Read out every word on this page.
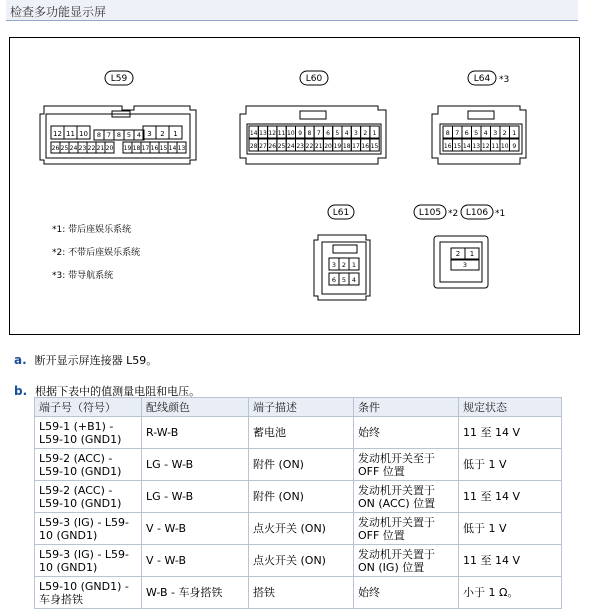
检查多功能显示屏
L59
12 11 10 8 7 8 5 4 3 2 1
26 25 24 23 22 21 20 19 18 17 16 15 14 13
L60
14 13 12 11 10 9 8 7 6 5 4 3 2 1
28 27 26 25 24 23 22 21 20 19 18 17 16 15
L64 *3
8 7 6 5 4 3 2 1
16 15 14 13 12 11 10 9
L61
3 2 1
6 5 4
L105 *2 L106 *1
2 1
3
*1: 带后座娱乐系统
*2: 不带后座娱乐系统
*3: 带导航系统
a. 断开显示屏连接器 L59。
b. 根据下表中的值测量电阻和电压。
端子号（符号）	配线颜色	端子描述	条件	规定状态
L59-1 (+B1) - L59-10 (GND1)	R-W-B	蓄电池	始终	11 至 14 V
L59-2 (ACC) - L59-10 (GND1)	LG - W-B	附件 (ON)	发动机开关至于 OFF 位置	低于 1 V
L59-2 (ACC) - L59-10 (GND1)	LG - W-B	附件 (ON)	发动机开关置于 ON (ACC) 位置	11 至 14 V
L59-3 (IG) - L59-10 (GND1)	V - W-B	点火开关 (ON)	发动机开关置于 OFF 位置	低于 1 V
L59-3 (IG) - L59-10 (GND1)	V - W-B	点火开关 (ON)	发动机开关置于 ON (IG) 位置	11 至 14 V
L59-10 (GND1) - 车身搭铁	W-B - 车身搭铁	搭铁	始终	小于 1 Ω。
